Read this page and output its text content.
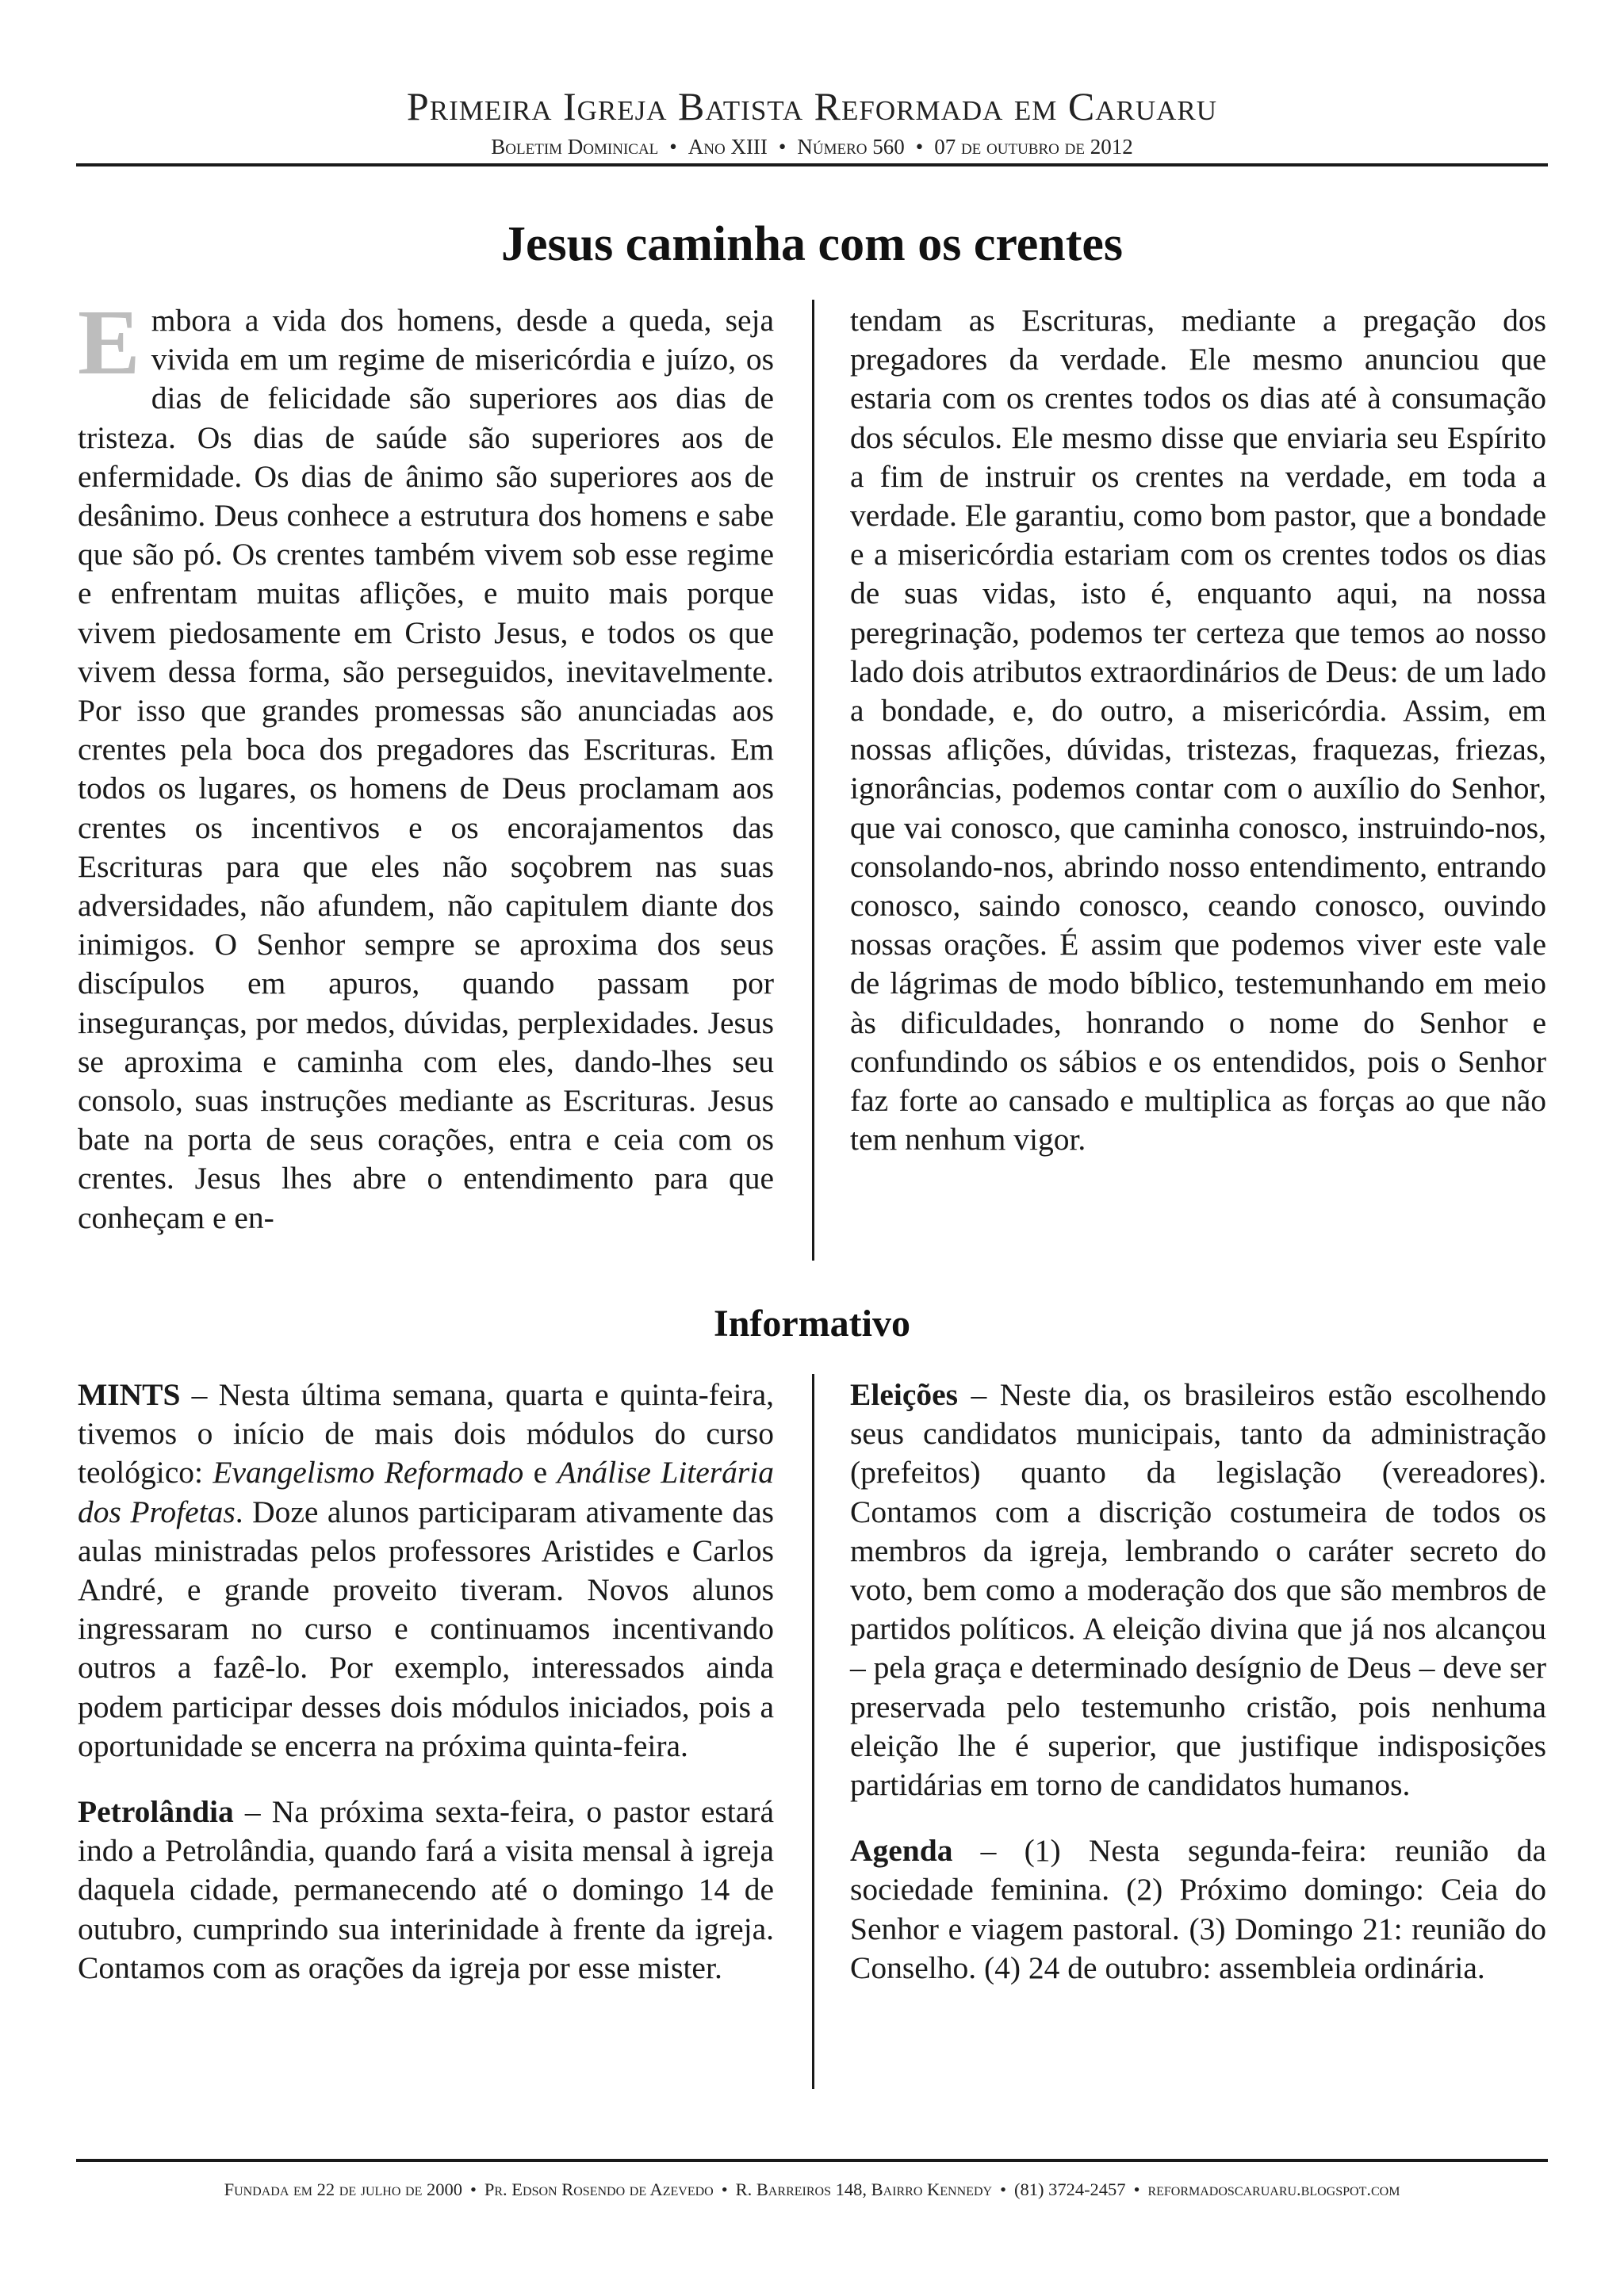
Primeira Igreja Batista Reformada em Caruaru
Boletim Dominical • Ano XIII • Número 560 • 07 de outubro de 2012
Jesus caminha com os crentes

Embora a vida dos homens, desde a queda, seja vivida em um regime de misericórdia e juízo, os dias de felicidade são superiores aos dias de tristeza. Os dias de saúde são superiores aos de enfermidade. Os dias de ânimo são superiores aos de desânimo. Deus conhece a estrutura dos homens e sabe que são pó. Os crentes também vivem sob esse regime e enfrentam muitas aflições, e muito mais porque vivem piedosamente em Cristo Jesus, e todos os que vivem dessa forma, são perseguidos, inevitavelmente. Por isso que grandes promessas são anunciadas aos crentes pela boca dos pregadores das Escrituras. Em todos os lugares, os homens de Deus proclamam aos crentes os incentivos e os encorajamentos das Escrituras para que eles não soçobrem nas suas adversidades, não afundem, não capitulem diante dos inimigos. O Senhor sempre se aproxima dos seus discípulos em apuros, quando passam por inseguranças, por medos, dúvidas, perplexidades. Jesus se aproxima e caminha com eles, dando-lhes seu consolo, suas instruções mediante as Escrituras. Jesus bate na porta de seus corações, entra e ceia com os crentes. Jesus lhes abre o entendimento para que conheçam e en-

tendam as Escrituras, mediante a pregação dos pregadores da verdade. Ele mesmo anunciou que estaria com os crentes todos os dias até à consumação dos séculos. Ele mesmo disse que enviaria seu Espírito a fim de instruir os crentes na verdade, em toda a verdade. Ele garantiu, como bom pastor, que a bondade e a misericórdia estariam com os crentes todos os dias de suas vidas, isto é, enquanto aqui, na nossa peregrinação, podemos ter certeza que temos ao nosso lado dois atributos extraordinários de Deus: de um lado a bondade, e, do outro, a misericórdia. Assim, em nossas aflições, dúvidas, tristezas, fraquezas, friezas, ignorâncias, podemos contar com o auxílio do Senhor, que vai conosco, que caminha conosco, instruindo-nos, consolando-nos, abrindo nosso entendimento, entrando conosco, saindo conosco, ceando conosco, ouvindo nossas orações. É assim que podemos viver este vale de lágrimas de modo bíblico, testemunhando em meio às dificuldades, honrando o nome do Senhor e confundindo os sábios e os entendidos, pois o Senhor faz forte ao cansado e multiplica as forças ao que não tem nenhum vigor.

Informativo

MINTS – Nesta última semana, quarta e quinta-feira, tivemos o início de mais dois módulos do curso teológico: Evangelismo Reformado e Análise Literária dos Profetas. Doze alunos participaram ativamente das aulas ministradas pelos professores Aristides e Carlos André, e grande proveito tiveram. Novos alunos ingressaram no curso e continuamos incentivando outros a fazê-lo. Por exemplo, interessados ainda podem participar desses dois módulos iniciados, pois a oportunidade se encerra na próxima quinta-feira.

Petrolândia – Na próxima sexta-feira, o pastor estará indo a Petrolândia, quando fará a visita mensal à igreja daquela cidade, permanecendo até o domingo 14 de outubro, cumprindo sua interinidade à frente da igreja. Contamos com as orações da igreja por esse mister.

Eleições – Neste dia, os brasileiros estão escolhendo seus candidatos municipais, tanto da administração (prefeitos) quanto da legislação (vereadores). Contamos com a discrição costumeira de todos os membros da igreja, lembrando o caráter secreto do voto, bem como a moderação dos que são membros de partidos políticos. A eleição divina que já nos alcançou – pela graça e determinado desígnio de Deus – deve ser preservada pelo testemunho cristão, pois nenhuma eleição lhe é superior, que justifique indisposições partidárias em torno de candidatos humanos.

Agenda – (1) Nesta segunda-feira: reunião da sociedade feminina. (2) Próximo domingo: Ceia do Senhor e viagem pastoral. (3) Domingo 21: reunião do Conselho. (4) 24 de outubro: assembleia ordinária.

Fundada em 22 de julho de 2000 • Pr. Edson Rosendo de Azevedo • R. Barreiros 148, Bairro Kennedy • (81) 3724-2457 • reformadoscaruaru.blogspot.com
